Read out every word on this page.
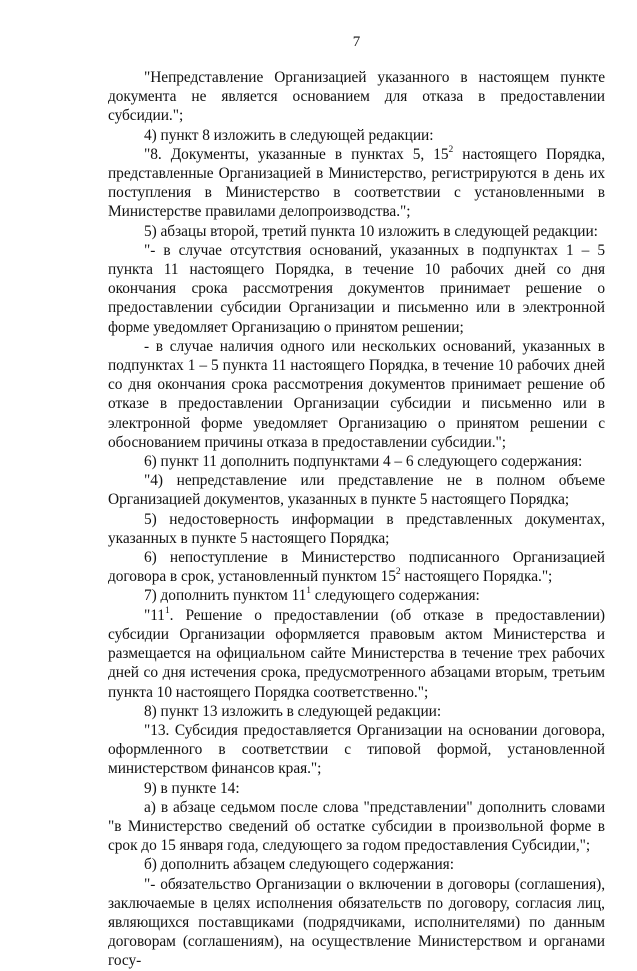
7

"Непредставление Организацией указанного в настоящем пункте документа не является основанием для отказа в предоставлении субсидии.";

4) пункт 8 изложить в следующей редакции:

"8. Документы, указанные в пунктах 5, $15^2$ настоящего Порядка, представленные Организацией в Министерство, регистрируются в день их поступления в Министерство в соответствии с установленными в Министерстве правилами делопроизводства.";

5) абзацы второй, третий пункта 10 изложить в следующей редакции:

"- в случае отсутствия оснований, указанных в подпунктах 1 – 5 пункта 11 настоящего Порядка, в течение 10 рабочих дней со дня окончания срока рассмотрения документов принимает решение о предоставлении субсидии Организации и письменно или в электронной форме уведомляет Организацию о принятом решении;

- в случае наличия одного или нескольких оснований, указанных в подпунктах 1 – 5 пункта 11 настоящего Порядка, в течение 10 рабочих дней со дня окончания срока рассмотрения документов принимает решение об отказе в предоставлении Организации субсидии и письменно или в электронной форме уведомляет Организацию о принятом решении с обоснованием причины отказа в предоставлении субсидии.";

6) пункт 11 дополнить подпунктами 4 – 6 следующего содержания:

"4) непредставление или представление не в полном объеме Организацией документов, указанных в пункте 5 настоящего Порядка;

5) недостоверность информации в представленных документах, указанных в пункте 5 настоящего Порядка;

6) непоступление в Министерство подписанного Организацией договора в срок, установленный пунктом $15^2$ настоящего Порядка.";

7) дополнить пунктом $11^1$ следующего содержания:

"$11^1$. Решение о предоставлении (об отказе в предоставлении) субсидии Организации оформляется правовым актом Министерства и размещается на официальном сайте Министерства в течение трех рабочих дней со дня истечения срока, предусмотренного абзацами вторым, третьим пункта 10 настоящего Порядка соответственно.";

8) пункт 13 изложить в следующей редакции:

"13. Субсидия предоставляется Организации на основании договора, оформленного в соответствии с типовой формой, установленной министерством финансов края.";

9) в пункте 14:

а) в абзаце седьмом после слова "представлении" дополнить словами "в Министерство сведений об остатке субсидии в произвольной форме в срок до 15 января года, следующего за годом предоставления Субсидии,";

б) дополнить абзацем следующего содержания:

"- обязательство Организации о включении в договоры (соглашения), заключаемые в целях исполнения обязательств по договору, согласия лиц, являющихся поставщиками (подрядчиками, исполнителями) по данным договорам (соглашениям), на осуществление Министерством и органами госу-
